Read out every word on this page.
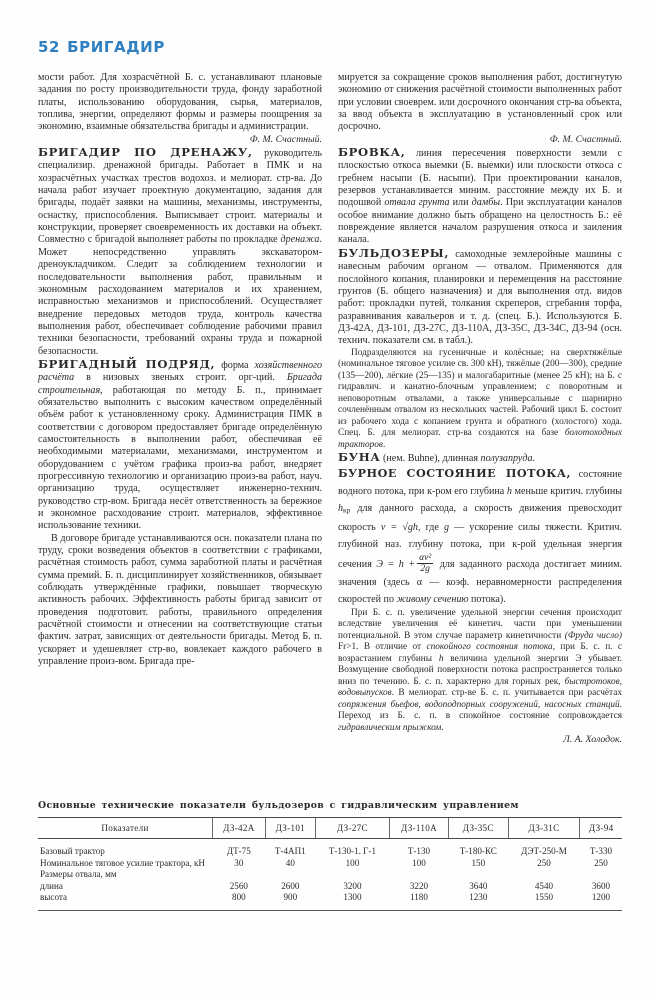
52 БРИГАДИР

мости работ. Для хозрасчётной Б. с. устанавливают плановые задания по росту производительности труда, фонду заработной платы, использованию оборудования, сырья, материалов, топлива, энергии, определяют формы и размеры поощрения за экономию, взаимные обязательства бригады и администрации.
Ф. М. Счастный.

БРИГАДИР ПО ДРЕНАЖУ, руководитель специализир. дренажной бригады. Работает в ПМК и на хозрасчётных участках трестов водохоз. и мелиорат. стр-ва. До начала работ изучает проектную документацию, задания для бригады, подаёт заявки на машины, механизмы, инструменты, оснастку, приспособления. Выписывает строит. материалы и конструкции, проверяет своевременность их доставки на объект. Совместно с бригадой выполняет работы по прокладке дренажа. Может непосредственно управлять экскаватором-дреноукладчиком. Следит за соблюдением технологии и последовательности выполнения работ, правильным и экономным расходованием материалов и их хранением, исправностью механизмов и приспособлений. Осуществляет внедрение передовых методов труда, контроль качества выполнения работ, обеспечивает соблюдение рабочими правил техники безопасности, требований охраны труда и пожарной безопасности.

БРИГАДНЫЙ ПОДРЯД, форма хозяйственного расчёта в низовых звеньях строит. орг-ций. Бригада строительная, работающая по методу Б. п., принимает обязательство выполнить с высоким качеством определённый объём работ к установленному сроку. Администрация ПМК в соответствии с договором предоставляет бригаде определённую самостоятельность в выполнении работ, обеспечивая её необходимыми материалами, механизмами, инструментом и оборудованием с учётом графика произ-ва работ, внедряет прогрессивную технологию и организацию произ-ва работ, науч. организацию труда, осуществляет инженерно-технич. руководство стр-вом. Бригада несёт ответственность за бережное и экономное расходование строит. материалов, эффективное использование техники.

В договоре бригаде устанавливаются осн. показатели плана по труду, сроки возведения объектов в соответствии с графиками, расчётная стоимость работ, сумма заработной платы и расчётная сумма премий. Б. п. дисциплинирует хозяйственников, обязывает соблюдать утверждённые графики, повышает творческую активность рабочих. Эффективность работы бригад зависит от проведения подготовит. работы, правильного определения расчётной стоимости и отнесении на соответствующие статьи фактич. затрат, зависящих от деятельности бригады. Метод Б. п. ускоряет и удешевляет стр-во, вовлекает каждого рабочего в управление произ-вом. Бригада пре-

мируется за сокращение сроков выполнения работ, достигнутую экономию от снижения расчётной стоимости выполненных работ при условии своеврем. или досрочного окончания стр-ва объекта, за ввод объекта в эксплуатацию в установленный срок или досрочно.
Ф. М. Счастный.

БРОВКА, линия пересечения поверхности земли с плоскостью откоса выемки (Б. выемки) или плоскости откоса с гребнем насыпи (Б. насыпи). При проектировании каналов, резервов устанавливается миним. расстояние между их Б. и подошвой отвала грунта или дамбы. При эксплуатации каналов особое внимание должно быть обращено на целостность Б.: её повреждение является началом разрушения откоса и заиления канала.

БУЛЬДОЗЕРЫ, самоходные землеройные машины с навесным рабочим органом — отвалом. Применяются для послойного копания, планировки и перемещения на расстояние грунтов (Б. общего назначения) и для выполнения отд. видов работ: прокладки путей, толкания скреперов, сгребания торфа, разравнивания кавальеров и т. д. (спец. Б.). Используются Б. ДЗ-42А, ДЗ-101, ДЗ-27С, ДЗ-110А, ДЗ-35С, ДЗ-34С, ДЗ-94 (осн. технич. показатели см. в табл.).

Подразделяются на гусеничные и колёсные; на сверхтяжёлые (номинальное тяговое усилие св. 300 кН), тяжёлые (200—300), средние (135—200), лёгкие (25—135) и малогабаритные (менее 25 кН); на Б. с гидравлич. и канатно-блочным управлением; с поворотным и неповоротным отвалами, а также универсальные с шарнирно сочленённым отвалом из нескольких частей. Рабочий цикл Б. состоит из рабочего хода с копанием грунта и обратного (холостого) хода. Спец. Б. для мелиорат. стр-ва создаются на базе болотоходных тракторов.

БУНА (нем. Buhne), длинная полузапруда.

БУРНОЕ СОСТОЯНИЕ ПОТОКА, состояние водного потока, при к-ром его глубина h меньше критич. глубины $h_{кр}$ для данного расхода, а скорость движения превосходит скорость v = √gh, где g — ускорение силы тяжести. Критич. глубиной наз. глубину потока, при к-рой удельная энергия сечения $Э = h + \frac{\text{αv²}}{2g}$ для заданного расхода достигает миним. значения (здесь α — коэф. неравномерности распределения скоростей по живому сечению потока).

При Б. с. п. увеличение удельной энергии сечения происходит вследствие увеличения её кинетич. части при уменьшении потенциальной. В этом случае параметр кинетичности (Фруда число) Fr>1. В отличие от спокойного состояния потока, при Б. с. п. с возрастанием глубины h величина удельной энергии Э убывает. Возмущение свободной поверхности потока распространяется только вниз по течению. Б. с. п. характерно для горных рек, быстротоков, водовыпусков. В мелиорат. стр-ве Б. с. п. учитывается при расчётах сопряжения бьефов, водоподпорных сооружений, насосных станций. Переход из Б. с. п. в спокойное состояние сопровождается гидравлическим прыжком.
Л. А. Холодок.

Основные технические показатели бульдозеров с гидравлическим управлением
Показатели	ДЗ-42А	ДЗ-101	ДЗ-27С	ДЗ-110А	ДЗ-35С	ДЗ-31С	ДЗ-94
Базовый трактор	ДТ-75	Т-4АП1	Т-130-1. Г-1	Т-130	Т-180-КС	ДЭТ-250-М	Т-330
Номинальное тяговое усилие трактора, кН	30	40	100	100	150	250	250
Размеры отвала, мм							
длина	2560	2600	3200	3220	3640	4540	3600
высота	800	900	1300	1180	1230	1550	1200
